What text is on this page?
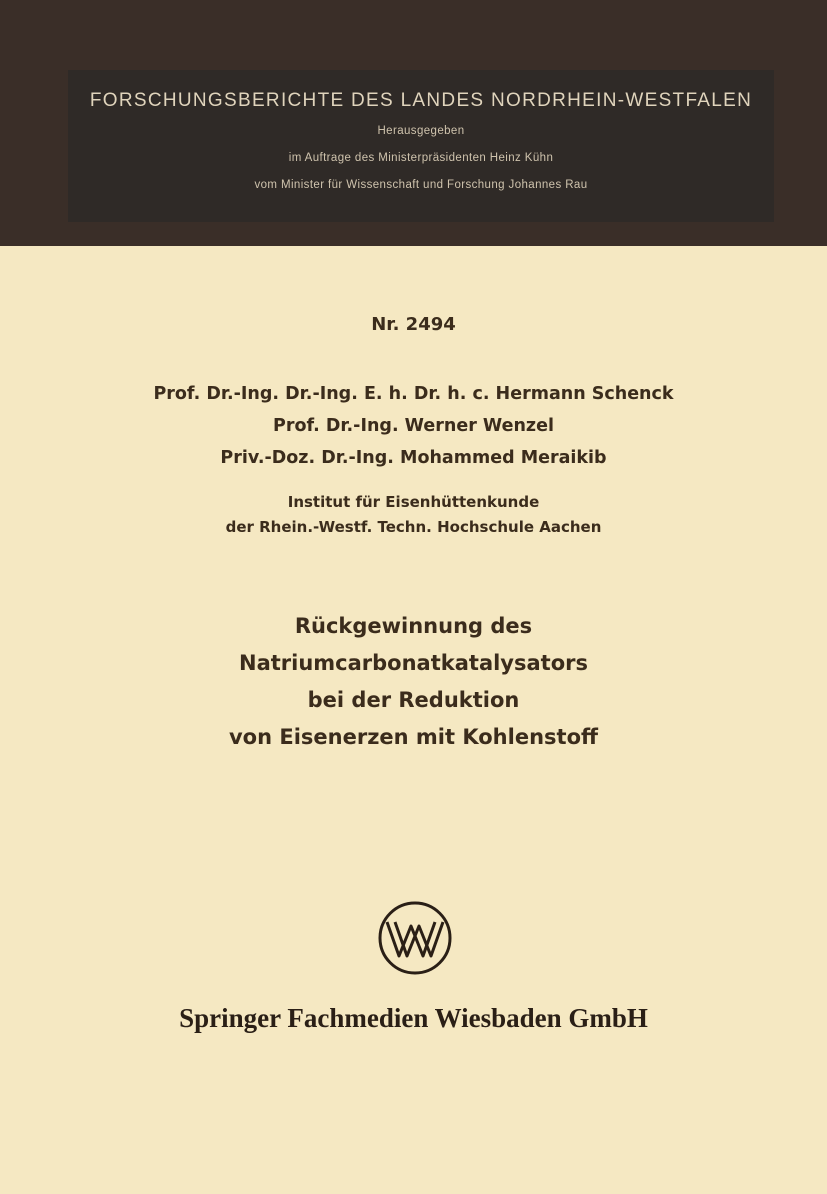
FORSCHUNGSBERICHTE DES LANDES NORDRHEIN-WESTFALEN
Herausgegeben
im Auftrage des Ministerpräsidenten Heinz Kühn
vom Minister für Wissenschaft und Forschung Johannes Rau
Nr. 2494
Prof. Dr.-Ing. Dr.-Ing. E. h. Dr. h. c. Hermann Schenck
Prof. Dr.-Ing. Werner Wenzel
Priv.-Doz. Dr.-Ing. Mohammed Meraikib
Institut für Eisenhüttenkunde
der Rhein.-Westf. Techn. Hochschule Aachen
Rückgewinnung des
Natriumcarbonatkatalysators
bei der Reduktion
von Eisenerzen mit Kohlenstoff
Springer Fachmedien Wiesbaden GmbH
